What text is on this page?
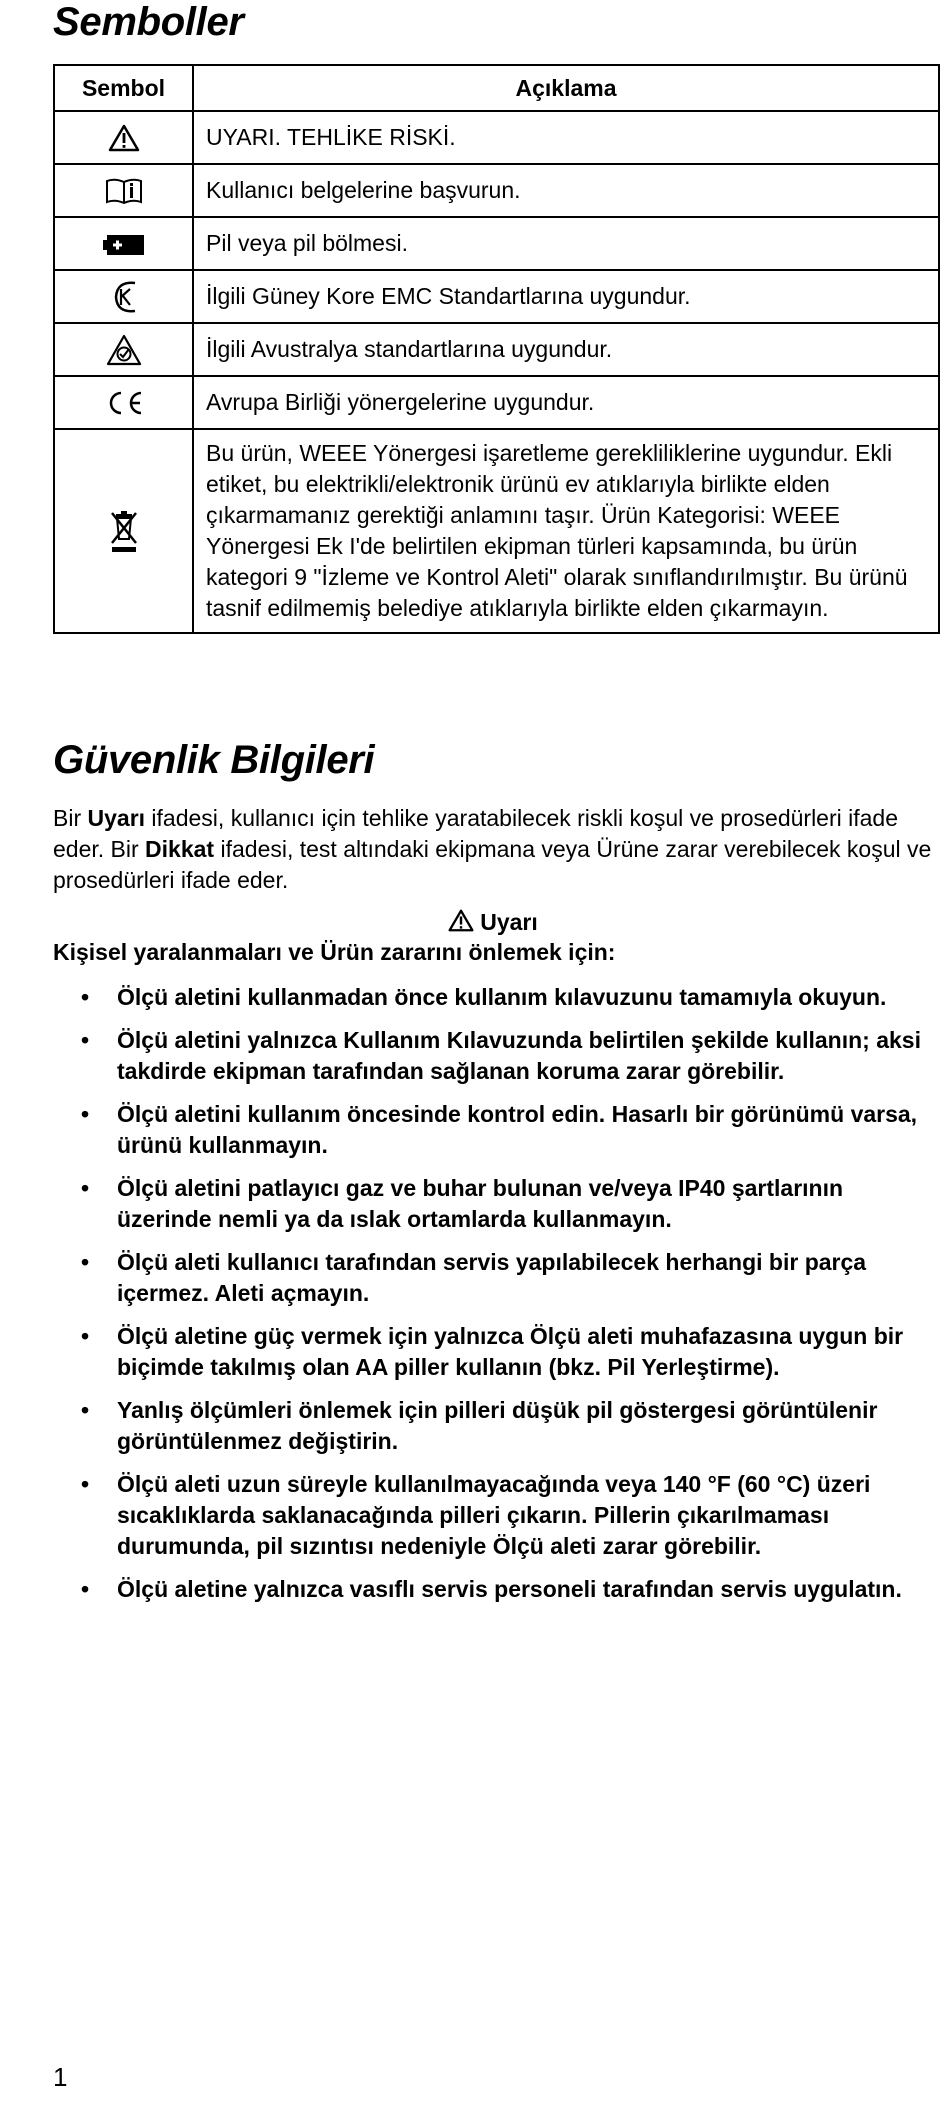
Semboller
Sembol	Açıklama
	UYARI. TEHLİKE RİSKİ.
	Kullanıcı belgelerine başvurun.
	Pil veya pil bölmesi.
	İlgili Güney Kore EMC Standartlarına uygundur.
	İlgili Avustralya standartlarına uygundur.
	Avrupa Birliği yönergelerine uygundur.
	Bu ürün, WEEE Yönergesi işaretleme gerekliliklerine uygundur. Ekli etiket, bu elektrikli/elektronik ürünü ev atıklarıyla birlikte elden çıkarmamanız gerektiği anlamını taşır. Ürün Kategorisi: WEEE Yönergesi Ek I'de belirtilen ekipman türleri kapsamında, bu ürün kategori 9 "İzleme ve Kontrol Aleti" olarak sınıflandırılmıştır. Bu ürünü tasnif edilmemiş belediye atıklarıyla birlikte elden çıkarmayın.
Güvenlik Bilgileri

Bir Uyarı ifadesi, kullanıcı için tehlike yaratabilecek riskli koşul ve prosedürleri ifade eder. Bir Dikkat ifadesi, test altındaki ekipmana veya Ürüne zarar verebilecek koşul ve prosedürleri ifade eder.

Uyarı
Kişisel yaralanmaları ve Ürün zararını önlemek için:
• Ölçü aletini kullanmadan önce kullanım kılavuzunu tamamıyla okuyun.
• Ölçü aletini yalnızca Kullanım Kılavuzunda belirtilen şekilde kullanın; aksi takdirde ekipman tarafından sağlanan koruma zarar görebilir.
• Ölçü aletini kullanım öncesinde kontrol edin. Hasarlı bir görünümü varsa, ürünü kullanmayın.
• Ölçü aletini patlayıcı gaz ve buhar bulunan ve/veya IP40 şartlarının üzerinde nemli ya da ıslak ortamlarda kullanmayın.
• Ölçü aleti kullanıcı tarafından servis yapılabilecek herhangi bir parça içermez. Aleti açmayın.
• Ölçü aletine güç vermek için yalnızca Ölçü aleti muhafazasına uygun bir biçimde takılmış olan AA piller kullanın (bkz. Pil Yerleştirme).
• Yanlış ölçümleri önlemek için pilleri düşük pil göstergesi görüntülenir görüntülenmez değiştirin.
• Ölçü aleti uzun süreyle kullanılmayacağında veya 140 °F (60 °C) üzeri sıcaklıklarda saklanacağında pilleri çıkarın. Pillerin çıkarılmaması durumunda, pil sızıntısı nedeniyle Ölçü aleti zarar görebilir.
• Ölçü aletine yalnızca vasıflı servis personeli tarafından servis uygulatın.
1
